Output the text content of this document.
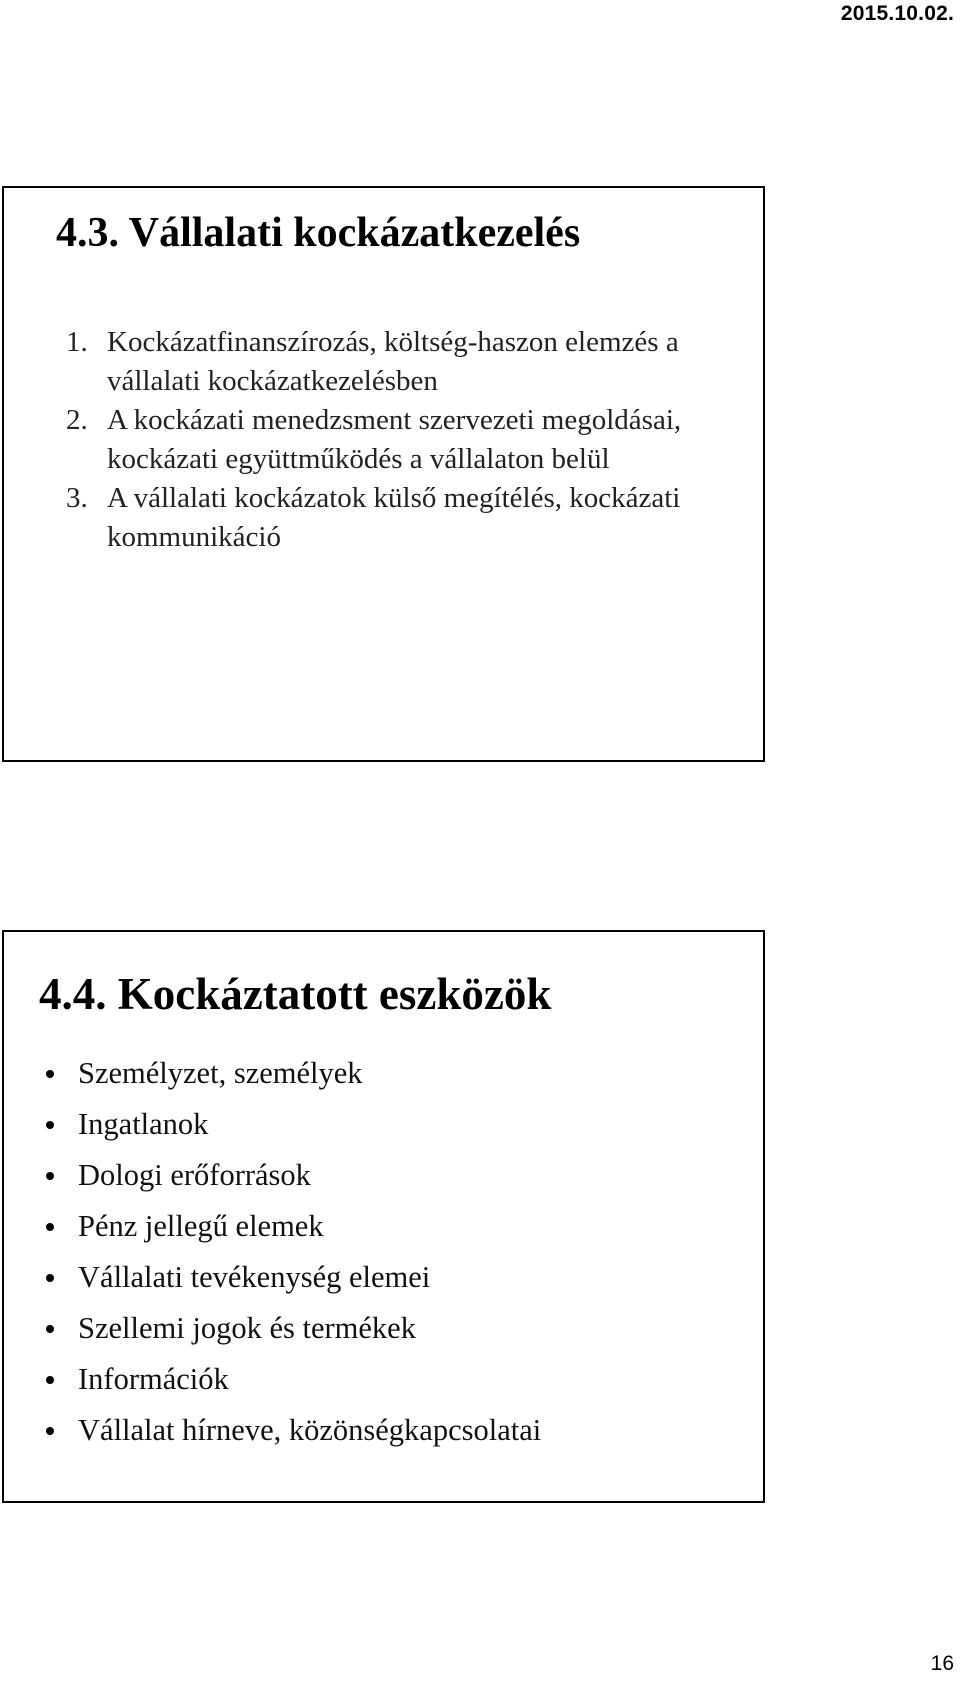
2015.10.02.
4.3. Vállalati kockázatkezelés
1. Kockázatfinanszírozás, költség-haszon elemzés a vállalati kockázatkezelésben
2. A kockázati menedzsment szervezeti megoldásai, kockázati együttműködés a vállalaton belül
3. A vállalati kockázatok külső megítélés, kockázati kommunikáció
4.4. Kockáztatott eszközök
Személyzet, személyek
Ingatlanok
Dologi erőforrások
Pénz jellegű elemek
Vállalati tevékenység elemei
Szellemi jogok és termékek
Információk
Vállalat hírneve, közönségkapcsolatai
16
